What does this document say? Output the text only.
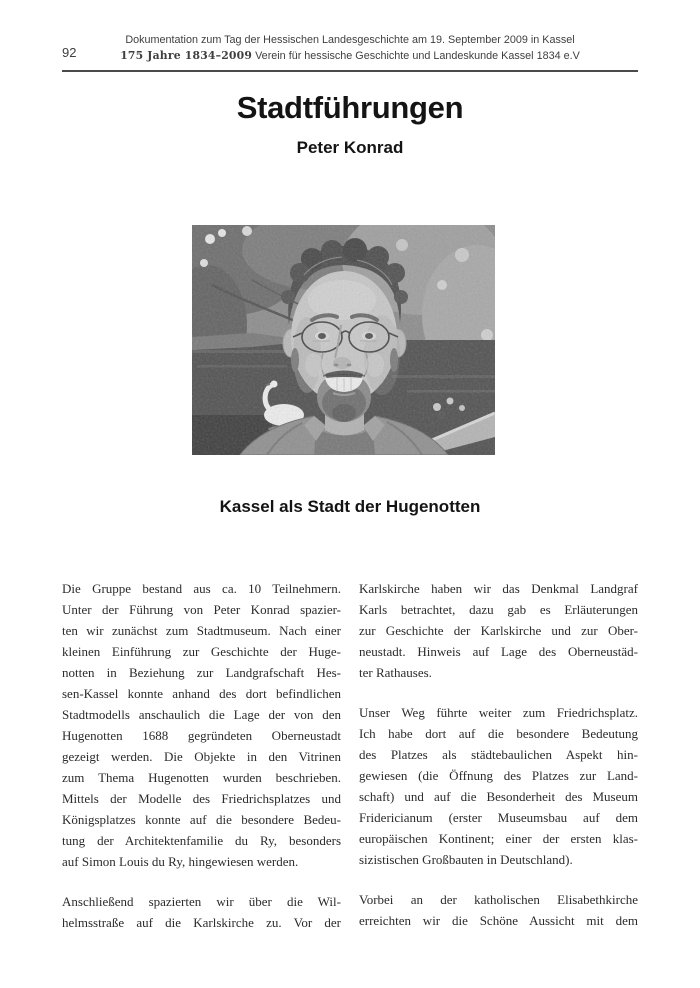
92
Dokumentation zum Tag der Hessischen Landesgeschichte am 19. September 2009 in Kassel
175 Jahre 1834–2009 Verein für hessische Geschichte und Landeskunde Kassel 1834 e.V
Stadtführungen
Peter Konrad
Kassel als Stadt der Hugenotten
Die Gruppe bestand aus ca. 10 Teilnehmern.
Unter der Führung von Peter Konrad spazier-
ten wir zunächst zum Stadtmuseum. Nach einer
kleinen Einführung zur Geschichte der Huge-
notten in Beziehung zur Landgrafschaft Hes-
sen-Kassel konnte anhand des dort befindlichen
Stadtmodells anschaulich die Lage der von den
Hugenotten 1688 gegründeten Oberneustadt
gezeigt werden. Die Objekte in den Vitrinen
zum Thema Hugenotten wurden beschrieben.
Mittels der Modelle des Friedrichsplatzes und
Königsplatzes konnte auf die besondere Bedeu-
tung der Architektenfamilie du Ry, besonders
auf Simon Louis du Ry, hingewiesen werden.
Anschließend spazierten wir über die Wil-
helmsstraße auf die Karlskirche zu. Vor der
Karlskirche haben wir das Denkmal Landgraf
Karls betrachtet, dazu gab es Erläuterungen
zur Geschichte der Karlskirche und zur Ober-
neustadt. Hinweis auf Lage des Oberneustäd-
ter Rathauses.
Unser Weg führte weiter zum Friedrichsplatz.
Ich habe dort auf die besondere Bedeutung
des Platzes als städtebaulichen Aspekt hin-
gewiesen (die Öffnung des Platzes zur Land-
schaft) und auf die Besonderheit des Museum
Fridericianum (erster Museumsbau auf dem
europäischen Kontinent; einer der ersten klas-
sizistischen Großbauten in Deutschland).
Vorbei an der katholischen Elisabethkirche
erreichten wir die Schöne Aussicht mit dem
